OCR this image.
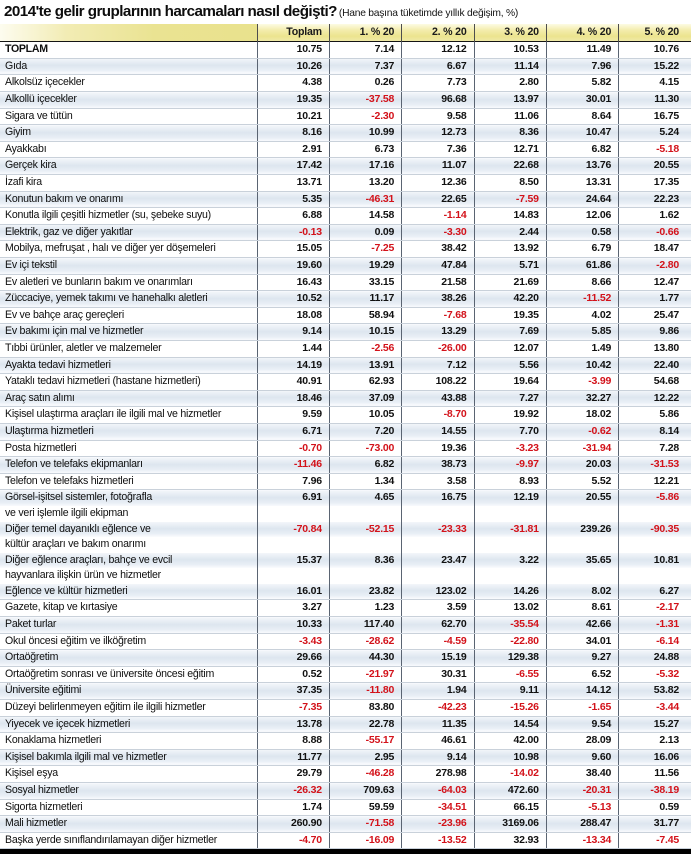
2014'te gelir gruplarının harcamaları nasıl değişti? (Hane başına tüketimde yıllık değişim, %)
	Toplam	1. % 20	2. % 20	3. % 20	4. % 20	5. % 20
TOPLAM	10.75	7.14	12.12	10.53	11.49	10.76
Gıda	10.26	7.37	6.67	11.14	7.96	15.22
Alkolsüz içecekler	4.38	0.26	7.73	2.80	5.82	4.15
Alkollü içecekler	19.35	-37.58	96.68	13.97	30.01	11.30
Sigara ve tütün	10.21	-2.30	9.58	11.06	8.64	16.75
Giyim	8.16	10.99	12.73	8.36	10.47	5.24
Ayakkabı	2.91	6.73	7.36	12.71	6.82	-5.18
Gerçek kira	17.42	17.16	11.07	22.68	13.76	20.55
İzafi kira	13.71	13.20	12.36	8.50	13.31	17.35
Konutun bakım ve onarımı	5.35	-46.31	22.65	-7.59	24.64	22.23
Konutla ilgili çeşitli hizmetler (su, şebeke suyu)	6.88	14.58	-1.14	14.83	12.06	1.62
Elektrik, gaz ve diğer yakıtlar	-0.13	0.09	-3.30	2.44	0.58	-0.66
Mobilya, mefruşat , halı ve diğer yer döşemeleri	15.05	-7.25	38.42	13.92	6.79	18.47
Ev içi tekstil	19.60	19.29	47.84	5.71	61.86	-2.80
Ev aletleri ve bunların bakım ve onarımları	16.43	33.15	21.58	21.69	8.66	12.47
Züccaciye, yemek takımı ve hanehalkı aletleri	10.52	11.17	38.26	42.20	-11.52	1.77
Ev ve bahçe araç gereçleri	18.08	58.94	-7.68	19.35	4.02	25.47
Ev bakımı için mal ve hizmetler	9.14	10.15	13.29	7.69	5.85	9.86
Tıbbi ürünler, aletler ve malzemeler	1.44	-2.56	-26.00	12.07	1.49	13.80
Ayakta tedavi hizmetleri	14.19	13.91	7.12	5.56	10.42	22.40
Yataklı tedavi hizmetleri (hastane hizmetleri)	40.91	62.93	108.22	19.64	-3.99	54.68
Araç satın alımı	18.46	37.09	43.88	7.27	32.27	12.22
Kişisel ulaştırma araçları ile ilgili mal ve hizmetler	9.59	10.05	-8.70	19.92	18.02	5.86
Ulaştırma hizmetleri	6.71	7.20	14.55	7.70	-0.62	8.14
Posta hizmetleri	-0.70	-73.00	19.36	-3.23	-31.94	7.28
Telefon ve telefaks ekipmanları	-11.46	6.82	38.73	-9.97	20.03	-31.53
Telefon ve telefaks hizmetleri	7.96	1.34	3.58	8.93	5.52	12.21
Görsel-işitsel sistemler, fotoğrafla	6.91	4.65	16.75	12.19	20.55	-5.86
ve veri işlemle ilgili ekipman						
Diğer temel dayanıklı eğlence ve	-70.84	-52.15	-23.33	-31.81	239.26	-90.35
kültür araçları ve bakım onarımı						
Diğer eğlence araçları, bahçe ve evcil	15.37	8.36	23.47	3.22	35.65	10.81
hayvanlara ilişkin ürün ve hizmetler						
Eğlence ve kültür hizmetleri	16.01	23.82	123.02	14.26	8.02	6.27
Gazete, kitap ve kırtasiye	3.27	1.23	3.59	13.02	8.61	-2.17
Paket turlar	10.33	117.40	62.70	-35.54	42.66	-1.31
Okul öncesi eğitim ve ilköğretim	-3.43	-28.62	-4.59	-22.80	34.01	-6.14
Ortaöğretim	29.66	44.30	15.19	129.38	9.27	24.88
Ortaöğretim sonrası ve üniversite öncesi eğitim	0.52	-21.97	30.31	-6.55	6.52	-5.32
Üniversite eğitimi	37.35	-11.80	1.94	9.11	14.12	53.82
Düzeyi belirlenmeyen eğitim ile ilgili hizmetler	-7.35	83.80	-42.23	-15.26	-1.65	-3.44
Yiyecek ve içecek hizmetleri	13.78	22.78	11.35	14.54	9.54	15.27
Konaklama hizmetleri	8.88	-55.17	46.61	42.00	28.09	2.13
Kişisel bakımla ilgili mal ve hizmetler	11.77	2.95	9.14	10.98	9.60	16.06
Kişisel eşya	29.79	-46.28	278.98	-14.02	38.40	11.56
Sosyal hizmetler	-26.32	709.63	-64.03	472.60	-20.31	-38.19
Sigorta hizmetleri	1.74	59.59	-34.51	66.15	-5.13	0.59
Mali hizmetler	260.90	-71.58	-23.96	3169.06	288.47	31.77
Başka yerde sınıflandırılamayan diğer hizmetler	-4.70	-16.09	-13.52	32.93	-13.34	-7.45
